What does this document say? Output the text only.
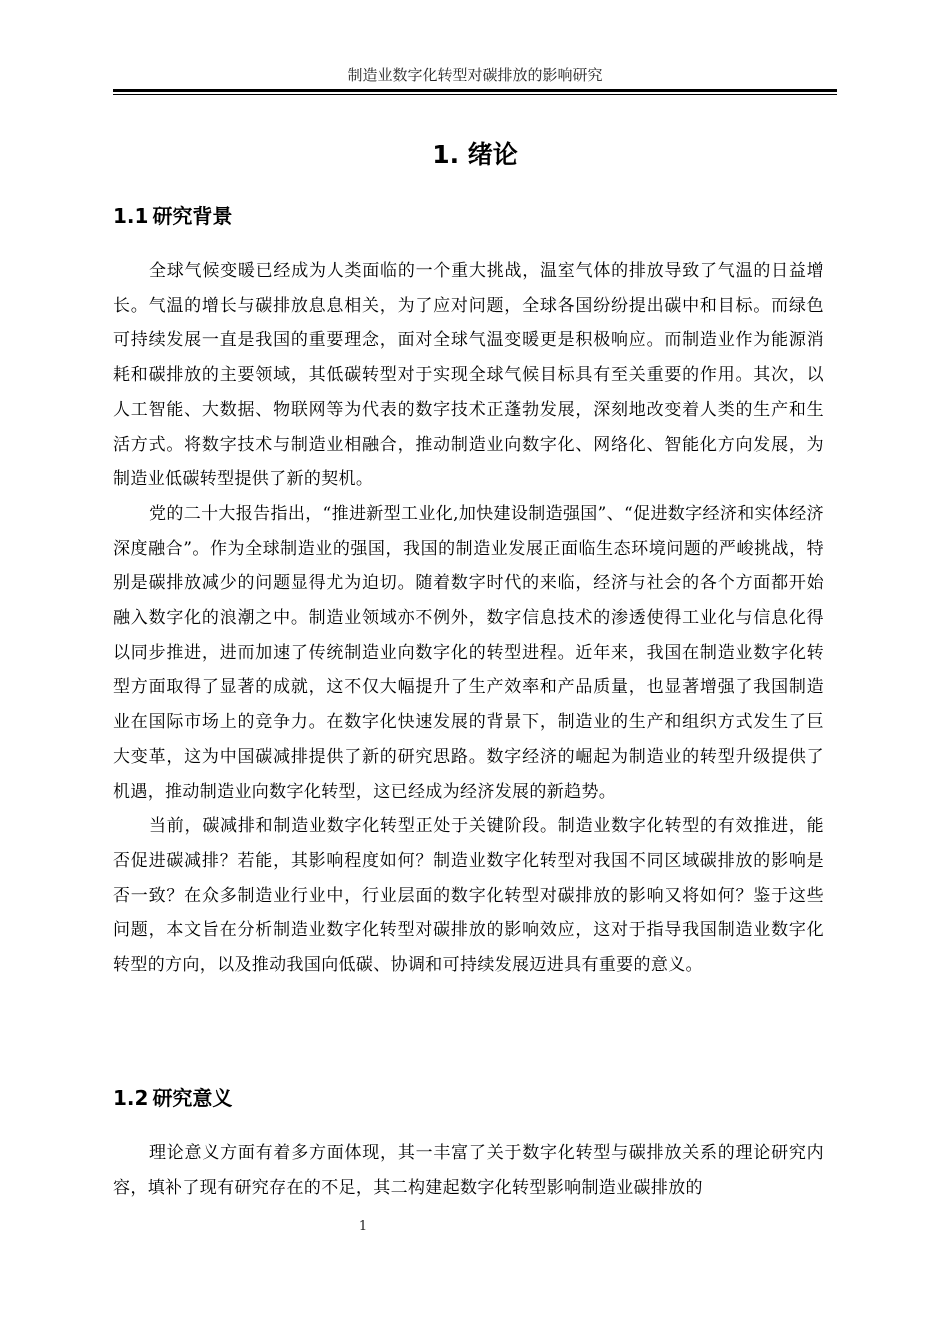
制造业数字化转型对碳排放的影响研究
1. 绪论
1.1 研究背景

全球气候变暖已经成为人类面临的一个重大挑战，温室气体的排放导致了气温的日益增长。气温的增长与碳排放息息相关，为了应对问题，全球各国纷纷提出碳中和目标。而绿色可持续发展一直是我国的重要理念，面对全球气温变暖更是积极响应。而制造业作为能源消耗和碳排放的主要领域，其低碳转型对于实现全球气候目标具有至关重要的作用。其次，以人工智能、大数据、物联网等为代表的数字技术正蓬勃发展，深刻地改变着人类的生产和生活方式。将数字技术与制造业相融合，推动制造业向数字化、网络化、智能化方向发展，为制造业低碳转型提供了新的契机。

党的二十大报告指出，“推进新型工业化,加快建设制造强国”、“促进数字经济和实体经济深度融合”。作为全球制造业的强国，我国的制造业发展正面临生态环境问题的严峻挑战，特别是碳排放减少的问题显得尤为迫切。随着数字时代的来临，经济与社会的各个方面都开始融入数字化的浪潮之中。制造业领域亦不例外，数字信息技术的渗透使得工业化与信息化得以同步推进，进而加速了传统制造业向数字化的转型进程。近年来，我国在制造业数字化转型方面取得了显著的成就，这不仅大幅提升了生产效率和产品质量，也显著增强了我国制造业在国际市场上的竞争力。在数字化快速发展的背景下，制造业的生产和组织方式发生了巨大变革，这为中国碳减排提供了新的研究思路。数字经济的崛起为制造业的转型升级提供了机遇，推动制造业向数字化转型，这已经成为经济发展的新趋势。

当前，碳减排和制造业数字化转型正处于关键阶段。制造业数字化转型的有效推进，能否促进碳减排？若能，其影响程度如何？制造业数字化转型对我国不同区域碳排放的影响是否一致？在众多制造业行业中，行业层面的数字化转型对碳排放的影响又将如何？鉴于这些问题，本文旨在分析制造业数字化转型对碳排放的影响效应，这对于指导我国制造业数字化转型的方向，以及推动我国向低碳、协调和可持续发展迈进具有重要的意义。

1.2 研究意义

理论意义方面有着多方面体现，其一丰富了关于数字化转型与碳排放关系的理论研究内容，填补了现有研究存在的不足，其二构建起数字化转型影响制造业碳排放的

1
